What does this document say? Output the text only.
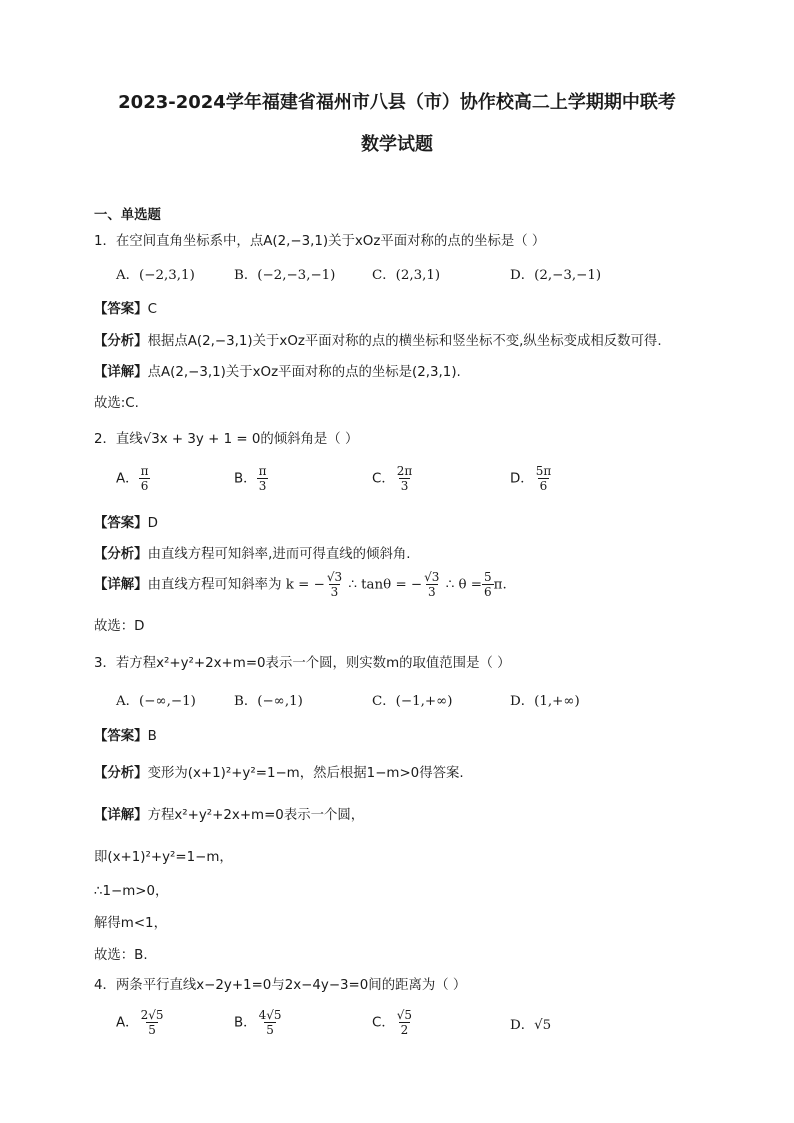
2023-2024学年福建省福州市八县（市）协作校高二上学期期中联考
数学试题
一、单选题
1．在空间直角坐标系中，点A(2,−3,1)关于xOz平面对称的点的坐标是（ ）
A．(−2,3,1)	B．(−2,−3,−1)	C．(2,3,1)	D．(2,−3,−1)
【答案】C
【分析】根据点A(2,−3,1)关于xOz平面对称的点的横坐标和竖坐标不变,纵坐标变成相反数可得.
【详解】点A(2,−3,1)关于xOz平面对称的点的坐标是(2,3,1).
故选:C.
2．直线√3x + 3y + 1 = 0的倾斜角是（ ）
A． $\frac{\pi}{6}$	B． $\frac{\pi}{3}$	C． $\frac{2\pi}{3}$	D． $\frac{5\pi}{6}$
【答案】D
【分析】由直线方程可知斜率,进而可得直线的倾斜角.
【详解】由直线方程可知斜率为 k = − $\frac{√3}{3}$ ∴ tanθ = − $\frac{√3}{3}$ ∴ $\theta = \frac{5}{6} \pi$.
故选：D
3．若方程x²+y²+2x+m=0表示一个圆，则实数m的取值范围是（ ）
A．(−∞,−1)	B．(−∞,1)	C．(−1,+∞)	D．(1,+∞)
【答案】B
【分析】变形为(x+1)²+y²=1−m，然后根据1−m>0得答案.
【详解】方程x²+y²+2x+m=0表示一个圆，
即(x+1)²+y²=1−m，
∴1−m>0，
解得m<1，
故选：B.
4．两条平行直线x−2y+1=0与2x−4y−3=0间的距离为（ ）
A． $\frac{2√5}{5}$	B． $\frac{4√5}{5}$	C． $\frac{√5}{2}$	D．√5
